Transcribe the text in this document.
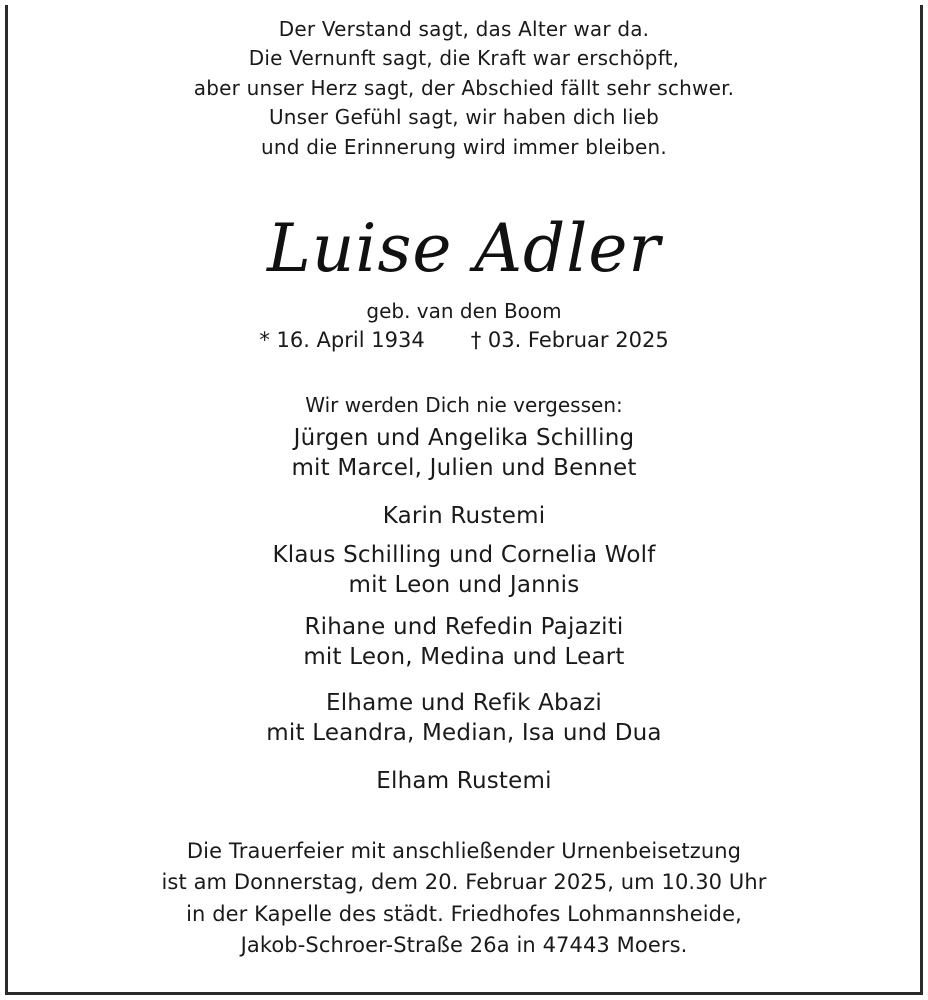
Der Verstand sagt, das Alter war da.
Die Vernunft sagt, die Kraft war erschöpft,
aber unser Herz sagt, der Abschied fällt sehr schwer.
Unser Gefühl sagt, wir haben dich lieb
und die Erinnerung wird immer bleiben.
Luise Adler
geb. van den Boom
* 16. April 1934 † 03. Februar 2025
Wir werden Dich nie vergessen:
Jürgen und Angelika Schilling
mit Marcel, Julien und Bennet
Karin Rustemi
Klaus Schilling und Cornelia Wolf
mit Leon und Jannis
Rihane und Refedin Pajaziti
mit Leon, Medina und Leart
Elhame und Refik Abazi
mit Leandra, Median, Isa und Dua
Elham Rustemi
Die Trauerfeier mit anschließender Urnenbeisetzung
ist am Donnerstag, dem 20. Februar 2025, um 10.30 Uhr
in der Kapelle des städt. Friedhofes Lohmannsheide,
Jakob-Schroer-Straße 26a in 47443 Moers.
